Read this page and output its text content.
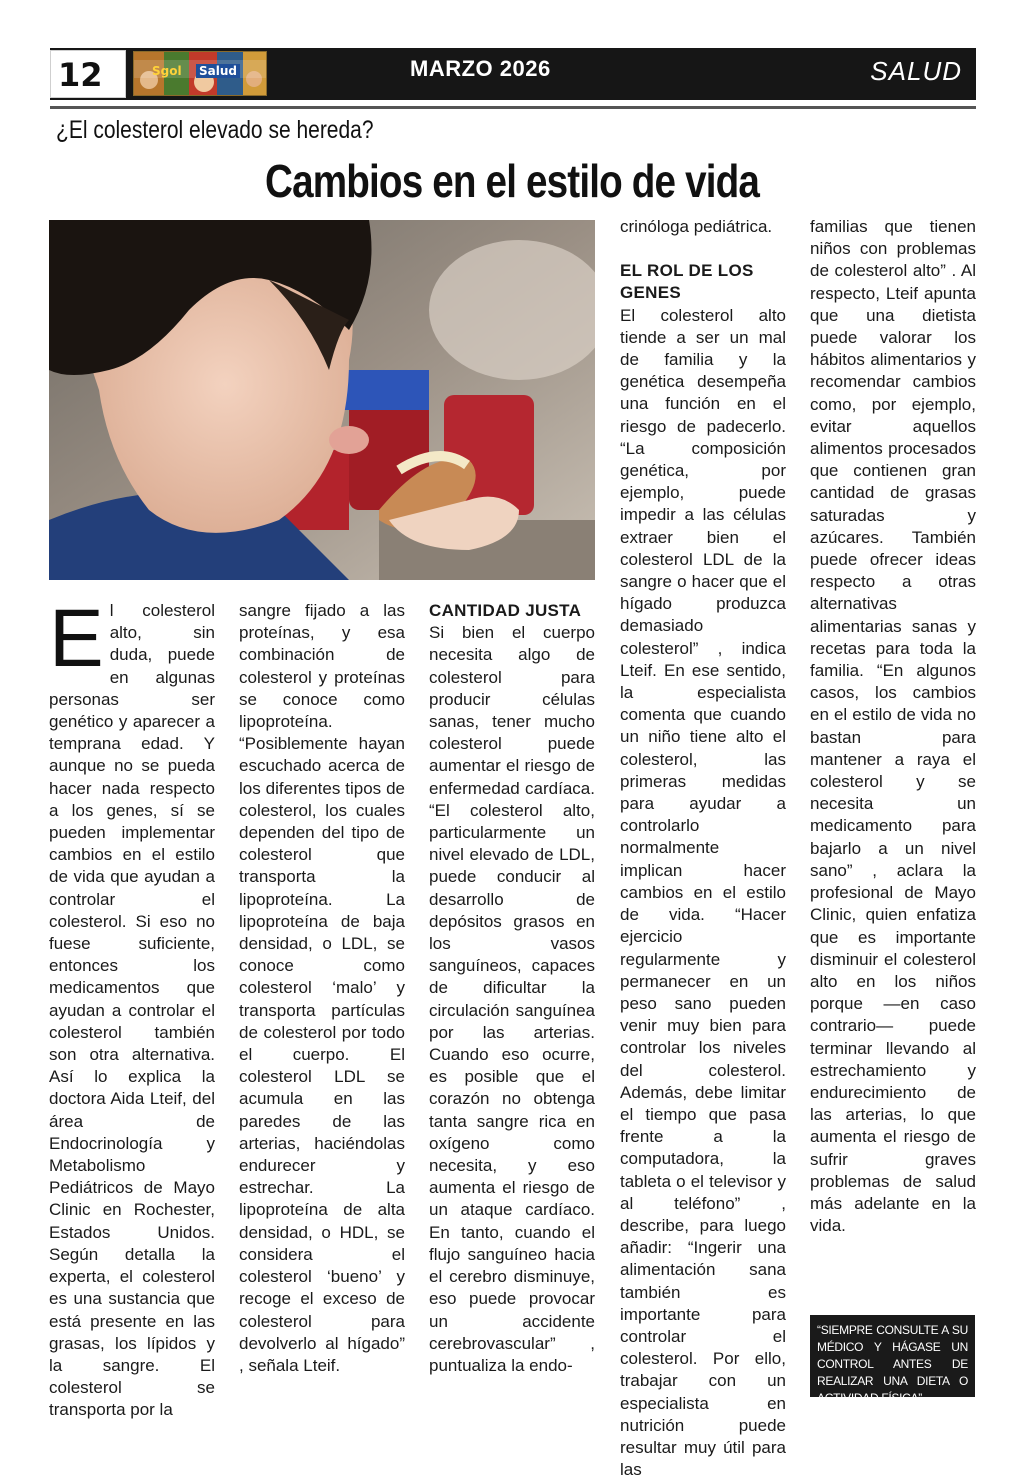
12	Sgol Salud	MARZO 2026	SALUD
¿El colesterol elevado se hereda?
Cambios en el estilo de vida
E l colesterol alto, sin duda, puede en algunas personas ser genético y aparecer a temprana edad. Y aunque no se pueda hacer nada respecto a los genes, sí se pueden implementar cambios en el estilo de vida que ayudan a controlar el colesterol. Si eso no fuese suficiente, entonces los medicamentos que ayudan a controlar el colesterol también son otra alternativa. Así lo explica la doctora Aida Lteif, del área de Endocrinología y Metabolismo Pediátricos de Mayo Clinic en Rochester, Estados Unidos. Según detalla la experta, el colesterol es una sustancia que está presente en las grasas, los lípidos y la sangre. El colesterol se transporta por la

sangre fijado a las proteínas, y esa combinación de colesterol y proteínas se conoce como lipoproteína. “Posiblemente hayan escuchado acerca de los diferentes tipos de colesterol, los cuales dependen del tipo de colesterol que transporta la lipoproteína. La lipoproteína de baja densidad, o LDL, se conoce como colesterol ‘malo’ y transporta partículas de colesterol por todo el cuerpo. El colesterol LDL se acumula en las paredes de las arterias, haciéndolas endurecer y estrechar. La lipoproteína de alta densidad, o HDL, se considera el colesterol ‘bueno’ y recoge el exceso de colesterol para devolverlo al hígado” , señala Lteif.

CANTIDAD JUSTA

Si bien el cuerpo necesita algo de colesterol para producir células sanas, tener mucho colesterol puede aumentar el riesgo de enfermedad cardíaca. “El colesterol alto, particularmente un nivel elevado de LDL, puede conducir al desarrollo de depósitos grasos en los vasos sanguíneos, capaces de dificultar la circulación sanguínea por las arterias. Cuando eso ocurre, es posible que el corazón no obtenga tanta sangre rica en oxígeno como necesita, y eso aumenta el riesgo de un ataque cardíaco. En tanto, cuando el flujo sanguíneo hacia el cerebro disminuye, eso puede provocar un accidente cerebrovascular” , puntualiza la endo-

crinóloga pediátrica.

EL ROL DE LOS GENES

El colesterol alto tiende a ser un mal de familia y la genética desempeña una función en el riesgo de padecerlo. “La composición genética, por ejemplo, puede impedir a las células extraer bien el colesterol LDL de la sangre o hacer que el hígado produzca demasiado colesterol” , indica Lteif. En ese sentido, la especialista comenta que cuando un niño tiene alto el colesterol, las primeras medidas para ayudar a controlarlo normalmente implican hacer cambios en el estilo de vida. “Hacer ejercicio regularmente y permanecer en un peso sano pueden venir muy bien para controlar los niveles del colesterol. Además, debe limitar el tiempo que pasa frente a la computadora, la tableta o el televisor y al teléfono” , describe, para luego añadir: “Ingerir una alimentación sana también es importante para controlar el colesterol. Por ello, trabajar con un especialista en nutrición puede resultar muy útil para las

familias que tienen niños con problemas de colesterol alto” . Al respecto, Lteif apunta que una dietista puede valorar los hábitos alimentarios y recomendar cambios como, por ejemplo, evitar aquellos alimentos procesados que contienen gran cantidad de grasas saturadas y azúcares. También puede ofrecer ideas respecto a otras alternativas alimentarias sanas y recetas para toda la familia. “En algunos casos, los cambios en el estilo de vida no bastan para mantener a raya el colesterol y se necesita un medicamento para bajarlo a un nivel sano” , aclara la profesional de Mayo Clinic, quien enfatiza que es importante disminuir el colesterol alto en los niños porque —en caso contrario— puede terminar llevando al estrechamiento y endurecimiento de las arterias, lo que aumenta el riesgo de sufrir graves problemas de salud más adelante en la vida.

“SIEMPRE CONSULTE A SU MÉDICO Y HÁGASE UN CONTROL ANTES DE REALIZAR UNA DIETA O ACTIVIDAD FÍSICA”
